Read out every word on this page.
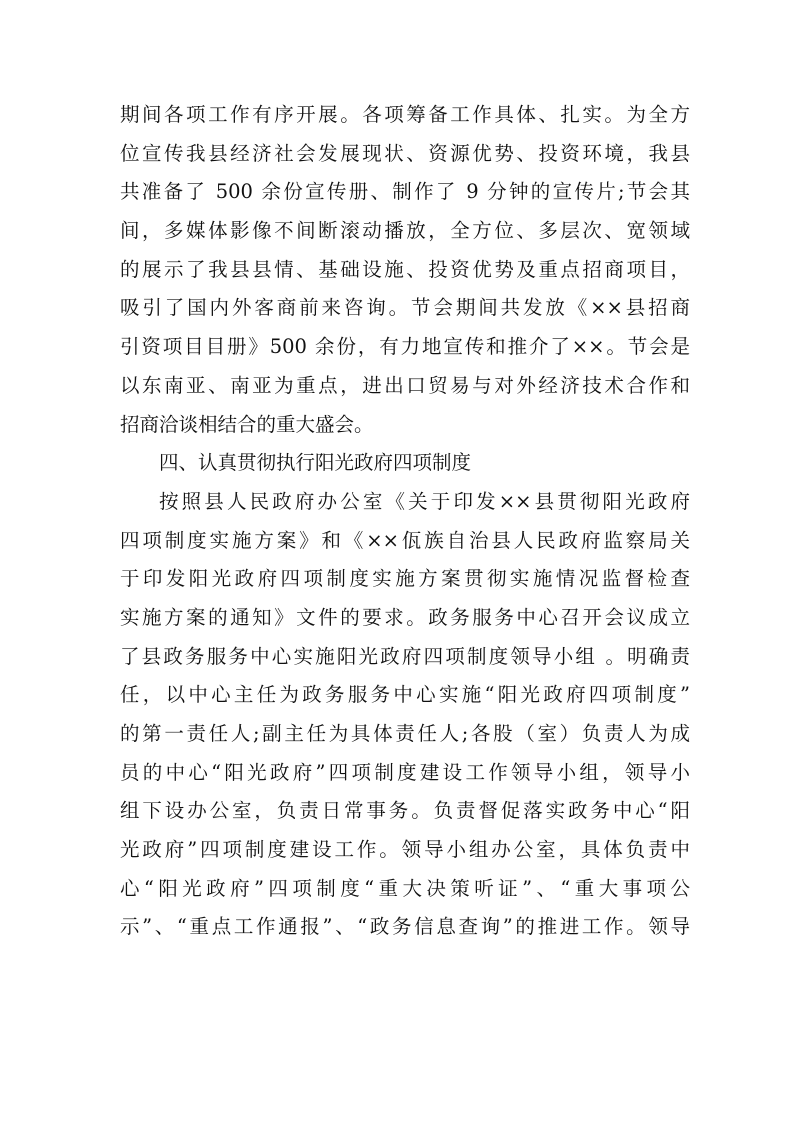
期间各项工作有序开展。各项筹备工作具体、扎实。为全方
位宣传我县经济社会发展现状、资源优势、投资环境，我县
共准备了 500 余份宣传册、制作了 9 分钟的宣传片;节会其
间，多媒体影像不间断滚动播放，全方位、多层次、宽领域
的展示了我县县情、基础设施、投资优势及重点招商项目，
吸引了国内外客商前来咨询。节会期间共发放《××县招商
引资项目目册》500 余份，有力地宣传和推介了××。节会是
以东南亚、南亚为重点，进出口贸易与对外经济技术合作和
招商洽谈相结合的重大盛会。
四、认真贯彻执行阳光政府四项制度
按照县人民政府办公室《关于印发××县贯彻阳光政府
四项制度实施方案》和《××佤族自治县人民政府监察局关
于印发阳光政府四项制度实施方案贯彻实施情况监督检查
实施方案的通知》文件的要求。政务服务中心召开会议成立
了县政务服务中心实施阳光政府四项制度领导小组 。明确责
任，以中心主任为政务服务中心实施“阳光政府四项制度”
的第一责任人;副主任为具体责任人;各股（室）负责人为成
员的中心“阳光政府”四项制度建设工作领导小组，领导小
组下设办公室，负责日常事务。负责督促落实政务中心“阳
光政府”四项制度建设工作。领导小组办公室，具体负责中
心“阳光政府”四项制度“重大决策听证”、“重大事项公
示”、“重点工作通报”、“政务信息查询”的推进工作。领导
